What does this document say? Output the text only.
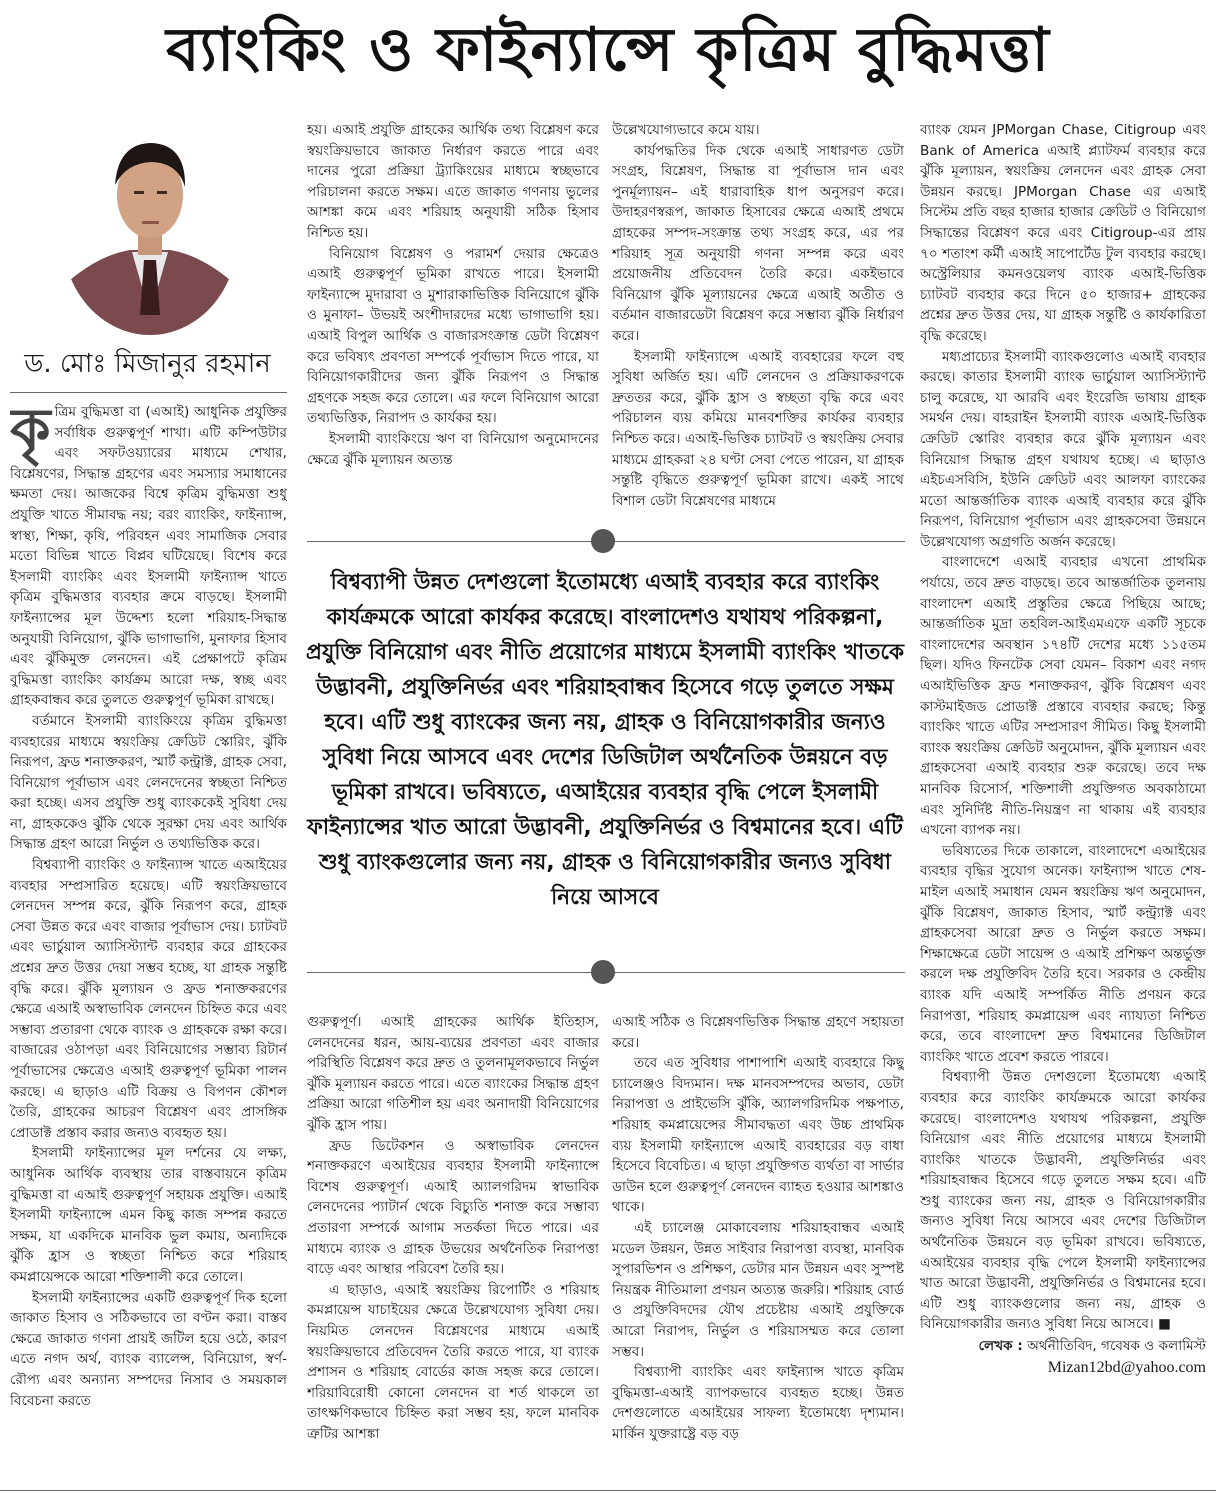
ব্যাংকিং ও ফাইন্যান্সে কৃত্রিম বুদ্ধিমত্তা
ড. মোঃ মিজানুর রহমান

কৃত্রিম বুদ্ধিমত্তা বা (এআই) আধুনিক প্রযুক্তির সর্বাধিক গুরুত্বপূর্ণ শাখা। এটি কম্পিউটার এবং সফটওয়্যারের মাধ্যমে শেখার, বিশ্লেষণের, সিদ্ধান্ত গ্রহণের এবং সমস্যার সমাধানের ক্ষমতা দেয়। আজকের বিশ্বে কৃত্রিম বুদ্ধিমত্তা শুধু প্রযুক্তি খাতে সীমাবদ্ধ নয়; বরং ব্যাংকিং, ফাইন্যান্স, স্বাস্থ্য, শিক্ষা, কৃষি, পরিবহন এবং সামাজিক সেবার মতো বিভিন্ন খাতে বিপ্লব ঘটিয়েছে। বিশেষ করে ইসলামী ব্যাংকিং এবং ইসলামী ফাইন্যান্স খাতে কৃত্রিম বুদ্ধিমত্তার ব্যবহার ক্রমে বাড়ছে। ইসলামী ফাইন্যান্সের মূল উদ্দেশ্য হলো শরিয়াহ-সিদ্ধান্ত অনুযায়ী বিনিয়োগ, ঝুঁকি ভাগাভাগি, মুনাফার হিসাব এবং ঝুঁকিমুক্ত লেনদেন। এই প্রেক্ষাপটে কৃত্রিম বুদ্ধিমত্তা ব্যাংকিং কার্যক্রম আরো দক্ষ, স্বচ্ছ এবং গ্রাহকবান্ধব করে তুলতে গুরুত্বপূর্ণ ভূমিকা রাখছে।

বর্তমানে ইসলামী ব্যাংকিংয়ে কৃত্রিম বুদ্ধিমত্তা ব্যবহারের মাধ্যমে স্বয়ংক্রিয় ক্রেডিট স্কোরিং, ঝুঁকি নিরূপণ, ফ্রড শনাক্তকরণ, স্মার্ট কন্ট্রাক্ট, গ্রাহক সেবা, বিনিয়োগ পূর্বাভাস এবং লেনদেনের স্বচ্ছতা নিশ্চিত করা হচ্ছে। এসব প্রযুক্তি শুধু ব্যাংককেই সুবিধা দেয় না, গ্রাহককেও ঝুঁকি থেকে সুরক্ষা দেয় এবং আর্থিক সিদ্ধান্ত গ্রহণ আরো নির্ভুল ও তথ্যভিত্তিক করে।

বিশ্বব্যাপী ব্যাংকিং ও ফাইন্যান্স খাতে এআইয়ের ব্যবহার সম্প্রসারিত হয়েছে। এটি স্বয়ংক্রিয়ভাবে লেনদেন সম্পন্ন করে, ঝুঁকি নিরূপণ করে, গ্রাহক সেবা উন্নত করে এবং বাজার পূর্বাভাস দেয়। চ্যাটবট এবং ভার্চুয়াল অ্যাসিস্ট্যান্ট ব্যবহার করে গ্রাহকের প্রশ্নের দ্রুত উত্তর দেয়া সম্ভব হচ্ছে, যা গ্রাহক সন্তুষ্টি বৃদ্ধি করে। ঝুঁকি মূল্যায়ন ও ফ্রড শনাক্তকরণের ক্ষেত্রে এআই অস্বাভাবিক লেনদেন চিহ্নিত করে এবং সম্ভাব্য প্রতারণা থেকে ব্যাংক ও গ্রাহককে রক্ষা করে। বাজারের ওঠাপড়া এবং বিনিয়োগের সম্ভাব্য রিটার্ন পূর্বাভাসের ক্ষেত্রেও এআই গুরুত্বপূর্ণ ভূমিকা পালন করছে। এ ছাড়াও এটি বিক্রয় ও বিপণন কৌশল তৈরি, গ্রাহকের আচরণ বিশ্লেষণ এবং প্রাসঙ্গিক প্রোডাক্ট প্রস্তাব করার জন্যও ব্যবহৃত হয়।

ইসলামী ফাইন্যান্সের মূল দর্শনের যে লক্ষ্য, আধুনিক আর্থিক ব্যবস্থায় তার বাস্তবায়নে কৃত্রিম বুদ্ধিমত্তা বা এআই গুরুত্বপূর্ণ সহায়ক প্রযুক্তি। এআই ইসলামী ফাইন্যান্সে এমন কিছু কাজ সম্পন্ন করতে সক্ষম, যা একদিকে মানবিক ভুল কমায়, অন্যদিকে ঝুঁকি হ্রাস ও স্বচ্ছতা নিশ্চিত করে শরিয়াহ কমপ্লায়েন্সকে আরো শক্তিশালী করে তোলে।

ইসলামী ফাইন্যান্সের একটি গুরুত্বপূর্ণ দিক হলো জাকাত হিসাব ও সঠিকভাবে তা বণ্টন করা। বাস্তব ক্ষেত্রে জাকাত গণনা প্রায়ই জটিল হয়ে ওঠে, কারণ এতে নগদ অর্থ, ব্যাংক ব্যালেন্স, বিনিয়োগ, স্বর্ণ-রৌপ্য এবং অন্যান্য সম্পদের নিসাব ও সময়কাল বিবেচনা করতে

হয়। এআই প্রযুক্তি গ্রাহকের আর্থিক তথ্য বিশ্লেষণ করে স্বয়ংক্রিয়ভাবে জাকাত নির্ধারণ করতে পারে এবং দানের পুরো প্রক্রিয়া ট্র্যাকিংয়ের মাধ্যমে স্বচ্ছভাবে পরিচালনা করতে সক্ষম। এতে জাকাত গণনায় ভুলের আশঙ্কা কমে এবং শরিয়াহ অনুযায়ী সঠিক হিসাব নিশ্চিত হয়।

বিনিয়োগ বিশ্লেষণ ও পরামর্শ দেয়ার ক্ষেত্রেও এআই গুরুত্বপূর্ণ ভূমিকা রাখতে পারে। ইসলামী ফাইন্যান্সে মুদারাবা ও মুশারাকাভিত্তিক বিনিয়োগে ঝুঁকি ও মুনাফা– উভয়ই অংশীদারদের মধ্যে ভাগাভাগি হয়। এআই বিপুল আর্থিক ও বাজারসংক্রান্ত ডেটা বিশ্লেষণ করে ভবিষ্যৎ প্রবণতা সম্পর্কে পূর্বাভাস দিতে পারে, যা বিনিয়োগকারীদের জন্য ঝুঁকি নিরূপণ ও সিদ্ধান্ত গ্রহণকে সহজ করে তোলে। এর ফলে বিনিয়োগ আরো তথ্যভিত্তিক, নিরাপদ ও কার্যকর হয়।

ইসলামী ব্যাংকিংয়ে ঋণ বা বিনিয়োগ অনুমোদনের ক্ষেত্রে ঝুঁকি মূল্যায়ন অত্যন্ত

উল্লেখযোগ্যভাবে কমে যায়।

কার্যপদ্ধতির দিক থেকে এআই সাধারণত ডেটা সংগ্রহ, বিশ্লেষণ, সিদ্ধান্ত বা পূর্বাভাস দান এবং পুনর্মূল্যায়ন– এই ধারাবাহিক ধাপ অনুসরণ করে। উদাহরণস্বরূপ, জাকাত হিসাবের ক্ষেত্রে এআই প্রথমে গ্রাহকের সম্পদ-সংক্রান্ত তথ্য সংগ্রহ করে, এর পর শরিয়াহ সূত্র অনুযায়ী গণনা সম্পন্ন করে এবং প্রয়োজনীয় প্রতিবেদন তৈরি করে। একইভাবে বিনিয়োগ ঝুঁকি মূল্যায়নের ক্ষেত্রে এআই অতীত ও বর্তমান বাজারডেটা বিশ্লেষণ করে সম্ভাব্য ঝুঁকি নির্ধারণ করে।

ইসলামী ফাইন্যান্সে এআই ব্যবহারের ফলে বহু সুবিধা অর্জিত হয়। এটি লেনদেন ও প্রক্রিয়াকরণকে দ্রুততর করে, ঝুঁকি হ্রাস ও স্বচ্ছতা বৃদ্ধি করে এবং পরিচালন ব্যয় কমিয়ে মানবশক্তির কার্যকর ব্যবহার নিশ্চিত করে। এআই-ভিত্তিক চ্যাটবট ও স্বয়ংক্রিয় সেবার মাধ্যমে গ্রাহকরা ২৪ ঘণ্টা সেবা পেতে পারেন, যা গ্রাহক সন্তুষ্টি বৃদ্ধিতে গুরুত্বপূর্ণ ভূমিকা রাখে। একই সাথে বিশাল ডেটা বিশ্লেষণের মাধ্যমে

বিশ্বব্যাপী উন্নত দেশগুলো ইতোমধ্যে এআই ব্যবহার করে ব্যাংকিং কার্যক্রমকে আরো কার্যকর করেছে। বাংলাদেশও যথাযথ পরিকল্পনা, প্রযুক্তি বিনিয়োগ এবং নীতি প্রয়োগের মাধ্যমে ইসলামী ব্যাংকিং খাতকে উদ্ভাবনী, প্রযুক্তিনির্ভর এবং শরিয়াহবান্ধব হিসেবে গড়ে তুলতে সক্ষম হবে। এটি শুধু ব্যাংকের জন্য নয়, গ্রাহক ও বিনিয়োগকারীর জন্যও সুবিধা নিয়ে আসবে এবং দেশের ডিজিটাল অর্থনৈতিক উন্নয়নে বড় ভূমিকা রাখবে। ভবিষ্যতে, এআইয়ের ব্যবহার বৃদ্ধি পেলে ইসলামী ফাইন্যান্সের খাত আরো উদ্ভাবনী, প্রযুক্তিনির্ভর ও বিশ্বমানের হবে। এটি শুধু ব্যাংকগুলোর জন্য নয়, গ্রাহক ও বিনিয়োগকারীর জন্যও সুবিধা নিয়ে আসবে

গুরুত্বপূর্ণ। এআই গ্রাহকের আর্থিক ইতিহাস, লেনদেনের ধরন, আয়-ব্যয়ের প্রবণতা এবং বাজার পরিস্থিতি বিশ্লেষণ করে দ্রুত ও তুলনামূলকভাবে নির্ভুল ঝুঁকি মূল্যায়ন করতে পারে। এতে ব্যাংকের সিদ্ধান্ত গ্রহণ প্রক্রিয়া আরো গতিশীল হয় এবং অনাদায়ী বিনিয়োগের ঝুঁকি হ্রাস পায়।

ফ্রড ডিটেকশন ও অস্বাভাবিক লেনদেন শনাক্তকরণে এআইয়ের ব্যবহার ইসলামী ফাইন্যান্সে বিশেষ গুরুত্বপূর্ণ। এআই অ্যালগরিদম স্বাভাবিক লেনদেনের প্যাটার্ন থেকে বিচ্যুতি শনাক্ত করে সম্ভাব্য প্রতারণা সম্পর্কে আগাম সতর্কতা দিতে পারে। এর মাধ্যমে ব্যাংক ও গ্রাহক উভয়ের অর্থনৈতিক নিরাপত্তা বাড়ে এবং আস্থার পরিবেশ তৈরি হয়।

এ ছাড়াও, এআই স্বয়ংক্রিয় রিপোর্টিং ও শরিয়াহ কমপ্লায়েন্স যাচাইয়ের ক্ষেত্রে উল্লেখযোগ্য সুবিধা দেয়। নিয়মিত লেনদেন বিশ্লেষণের মাধ্যমে এআই স্বয়ংক্রিয়ভাবে প্রতিবেদন তৈরি করতে পারে, যা ব্যাংক প্রশাসন ও শরিয়াহ বোর্ডের কাজ সহজ করে তোলে। শরিয়াবিরোধী কোনো লেনদেন বা শর্ত থাকলে তা তাৎক্ষণিকভাবে চিহ্নিত করা সম্ভব হয়, ফলে মানবিক ত্রুটির আশঙ্কা

এআই সঠিক ও বিশ্লেষণভিত্তিক সিদ্ধান্ত গ্রহণে সহায়তা করে।

তবে এত সুবিধার পাশাপাশি এআই ব্যবহারে কিছু চ্যালেঞ্জও বিদ্যমান। দক্ষ মানবসম্পদের অভাব, ডেটা নিরাপত্তা ও প্রাইভেসি ঝুঁকি, অ্যালগরিদমিক পক্ষপাত, শরিয়াহ কমপ্লায়েন্সের সীমাবদ্ধতা এবং উচ্চ প্রাথমিক ব্যয় ইসলামী ফাইন্যান্সে এআই ব্যবহারের বড় বাধা হিসেবে বিবেচিত। এ ছাড়া প্রযুক্তিগত ব্যর্থতা বা সার্ভার ডাউন হলে গুরুত্বপূর্ণ লেনদেন ব্যাহত হওয়ার আশঙ্কাও থাকে।

এই চ্যালেঞ্জ মোকাবেলায় শরিয়াহবান্ধব এআই মডেল উন্নয়ন, উন্নত সাইবার নিরাপত্তা ব্যবস্থা, মানবিক সুপারভিশন ও প্রশিক্ষণ, ডেটার মান উন্নয়ন এবং সুস্পষ্ট নিয়ন্ত্রক নীতিমালা প্রণয়ন অত্যন্ত জরুরি। শরিয়াহ বোর্ড ও প্রযুক্তিবিদদের যৌথ প্রচেষ্টায় এআই প্রযুক্তিকে আরো নিরাপদ, নির্ভুল ও শরিয়াসম্মত করে তোলা সম্ভব।

বিশ্বব্যাপী ব্যাংকিং এবং ফাইন্যান্স খাতে কৃত্রিম বুদ্ধিমত্তা-এআই ব্যাপকভাবে ব্যবহৃত হচ্ছে। উন্নত দেশগুলোতে এআইয়ের সাফল্য ইতোমধ্যে দৃশ্যমান। মার্কিন যুক্তরাষ্ট্রে বড় বড়

ব্যাংক যেমন JPMorgan Chase, Citigroup এবং Bank of America এআই প্ল্যাটফর্ম ব্যবহার করে ঝুঁকি মূল্যায়ন, স্বয়ংক্রিয় লেনদেন এবং গ্রাহক সেবা উন্নয়ন করছে। JPMorgan Chase এর এআই সিস্টেম প্রতি বছর হাজার হাজার ক্রেডিট ও বিনিয়োগ সিদ্ধান্তের বিশ্লেষণ করে এবং Citigroup-এর প্রায় ৭০ শতাংশ কর্মী এআই সাপোর্টেড টুল ব্যবহার করছে। অস্ট্রেলিয়ার কমনওয়েলথ ব্যাংক এআই-ভিত্তিক চ্যাটবট ব্যবহার করে দিনে ৫০ হাজার+ গ্রাহকের প্রশ্নের দ্রুত উত্তর দেয়, যা গ্রাহক সন্তুষ্টি ও কার্যকারিতা বৃদ্ধি করেছে।

মধ্যপ্রাচ্যের ইসলামী ব্যাংকগুলোও এআই ব্যবহার করছে। কাতার ইসলামী ব্যাংক ভার্চুয়াল অ্যাসিস্ট্যান্ট চালু করেছে, যা আরবি এবং ইংরেজি ভাষায় গ্রাহক সমর্থন দেয়। বাহরাইন ইসলামী ব্যাংক এআই-ভিত্তিক ক্রেডিট স্কোরিং ব্যবহার করে ঝুঁকি মূল্যায়ন এবং বিনিয়োগ সিদ্ধান্ত গ্রহণ যথাযথ হচ্ছে। এ ছাড়াও এইচএসবিসি, ইউনি ক্রেডিট এবং আলফা ব্যাংকের মতো আন্তর্জাতিক ব্যাংক এআই ব্যবহার করে ঝুঁকি নিরূপণ, বিনিয়োগ পূর্বাভাস এবং গ্রাহকসেবা উন্নয়নে উল্লেখযোগ্য অগ্রগতি অর্জন করেছে।

বাংলাদেশে এআই ব্যবহার এখনো প্রাথমিক পর্যায়ে, তবে দ্রুত বাড়ছে। তবে আন্তর্জাতিক তুলনায় বাংলাদেশ এআই প্রস্তুতির ক্ষেত্রে পিছিয়ে আছে; আন্তর্জাতিক মুদ্রা তহবিল-আইএমএফে একটি সূচকে বাংলাদেশের অবস্থান ১৭৪টি দেশের মধ্যে ১১৫তম ছিল। যদিও ফিনটেক সেবা যেমন– বিকাশ এবং নগদ এআইভিত্তিক ফ্রড শনাক্তকরণ, ঝুঁকি বিশ্লেষণ এবং কাস্টমাইজড প্রোডাক্ট প্রস্তাবে ব্যবহার করছে; কিন্তু ব্যাংকিং খাতে এটির সম্প্রসারণ সীমিত। কিছু ইসলামী ব্যাংক স্বয়ংক্রিয় ক্রেডিট অনুমোদন, ঝুঁকি মূল্যায়ন এবং গ্রাহকসেবা এআই ব্যবহার শুরু করেছে। তবে দক্ষ মানবিক রিসোর্স, শক্তিশালী প্রযুক্তিগত অবকাঠামো এবং সুনির্দিষ্ট নীতি-নিয়ন্ত্রণ না থাকায় এই ব্যবহার এখনো ব্যাপক নয়।

ভবিষ্যতের দিকে তাকালে, বাংলাদেশে এআইয়ের ব্যবহার বৃদ্ধির সুযোগ অনেক। ফাইন্যান্স খাতে শেষ-মাইল এআই সমাধান যেমন স্বয়ংক্রিয় ঋণ অনুমোদন, ঝুঁকি বিশ্লেষণ, জাকাত হিসাব, স্মার্ট কন্ট্র্যাক্ট এবং গ্রাহকসেবা আরো দ্রুত ও নির্ভুল করতে সক্ষম। শিক্ষাক্ষেত্রে ডেটা সায়েন্স ও এআই প্রশিক্ষণ অন্তর্ভুক্ত করলে দক্ষ প্রযুক্তিবিদ তৈরি হবে। সরকার ও কেন্দ্রীয় ব্যাংক যদি এআই সম্পর্কিত নীতি প্রণয়ন করে নিরাপত্তা, শরিয়াহ কমপ্লায়েন্স এবং ন্যায্যতা নিশ্চিত করে, তবে বাংলাদেশ দ্রুত বিশ্বমানের ডিজিটাল ব্যাংকিং খাতে প্রবেশ করতে পারবে।

বিশ্বব্যাপী উন্নত দেশগুলো ইতোমধ্যে এআই ব্যবহার করে ব্যাংকিং কার্যক্রমকে আরো কার্যকর করেছে। বাংলাদেশও যথাযথ পরিকল্পনা, প্রযুক্তি বিনিয়োগ এবং নীতি প্রয়োগের মাধ্যমে ইসলামী ব্যাংকিং খাতকে উদ্ভাবনী, প্রযুক্তিনির্ভর এবং শরিয়াহবান্ধব হিসেবে গড়ে তুলতে সক্ষম হবে। এটি শুধু ব্যাংকের জন্য নয়, গ্রাহক ও বিনিয়োগকারীর জন্যও সুবিধা নিয়ে আসবে এবং দেশের ডিজিটাল অর্থনৈতিক উন্নয়নে বড় ভূমিকা রাখবে। ভবিষ্যতে, এআইয়ের ব্যবহার বৃদ্ধি পেলে ইসলামী ফাইন্যান্সের খাত আরো উদ্ভাবনী, প্রযুক্তিনির্ভর ও বিশ্বমানের হবে। এটি শুধু ব্যাংকগুলোর জন্য নয়, গ্রাহক ও বিনিয়োগকারীর জন্যও সুবিধা নিয়ে আসবে। ■

লেখক : অর্থনীতিবিদ, গবেষক ও কলামিস্ট
Mizan12bd@yahoo.com
